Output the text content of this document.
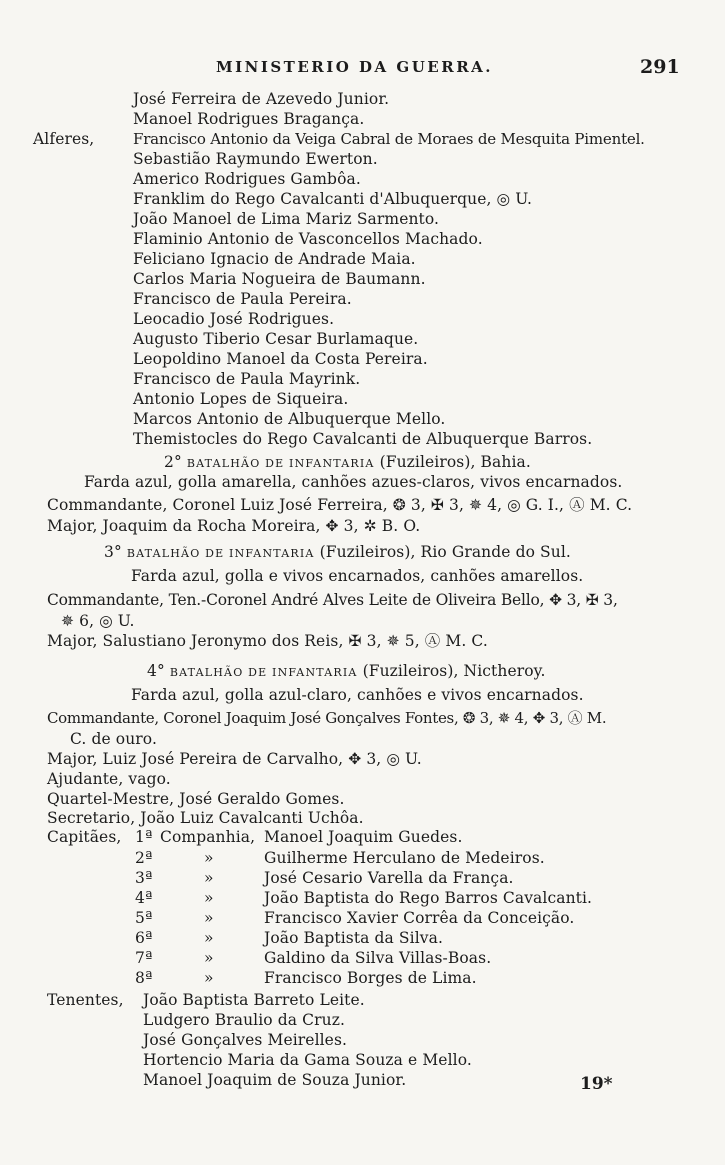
MINISTERIO DA GUERRA.	291
José Ferreira de Azevedo Junior.
Manoel Rodrigues Bragança.
Alferes,	Francisco Antonio da Veiga Cabral de Moraes de Mesquita Pimentel.
Sebastião Raymundo Ewerton.
Americo Rodrigues Gambôa.
Franklim do Rego Cavalcanti d'Albuquerque, ◎ U.
João Manoel de Lima Mariz Sarmento.
Flaminio Antonio de Vasconcellos Machado.
Feliciano Ignacio de Andrade Maia.
Carlos Maria Nogueira de Baumann.
Francisco de Paula Pereira.
Leocadio José Rodrigues.
Augusto Tiberio Cesar Burlamaque.
Leopoldino Manoel da Costa Pereira.
Francisco de Paula Mayrink.
Antonio Lopes de Siqueira.
Marcos Antonio de Albuquerque Mello.
Themistocles do Rego Cavalcanti de Albuquerque Barros.
2° BATALHÃO DE INFANTARIA (Fuzileiros), Bahia.
Farda azul, golla amarella, canhões azues-claros, vivos encarnados.
Commandante, Coronel Luiz José Ferreira, ❂ 3, ✠ 3, ✵ 4, ◎ G. I., Ⓐ M. C.
Major, Joaquim da Rocha Moreira, ✥ 3, ✲ B. O.
3° BATALHÃO DE INFANTARIA (Fuzileiros), Rio Grande do Sul.
Farda azul, golla e vivos encarnados, canhões amarellos.
Commandante, Ten.-Coronel André Alves Leite de Oliveira Bello, ✥ 3, ✠ 3,
✵ 6, ◎ U.
Major, Salustiano Jeronymo dos Reis, ✠ 3, ✵ 5, Ⓐ M. C.
4° BATALHÃO DE INFANTARIA (Fuzileiros), Nictheroy.
Farda azul, golla azul-claro, canhões e vivos encarnados.
Commandante, Coronel Joaquim José Gonçalves Fontes, ❂ 3, ✵ 4, ✥ 3, Ⓐ M.
C. de ouro.
Major, Luiz José Pereira de Carvalho, ✥ 3, ◎ U.
Ajudante, vago.
Quartel-Mestre, José Geraldo Gomes.
Secretario, João Luiz Cavalcanti Uchôa.
Capitães, 1ª Companhia, Manoel Joaquim Guedes.
2ª	»	Guilherme Herculano de Medeiros.
3ª	»	José Cesario Varella da França.
4ª	»	João Baptista do Rego Barros Cavalcanti.
5ª	»	Francisco Xavier Corrêa da Conceição.
6ª	»	João Baptista da Silva.
7ª	»	Galdino da Silva Villas-Boas.
8ª	»	Francisco Borges de Lima.
Tenentes, João Baptista Barreto Leite.
Ludgero Braulio da Cruz.
José Gonçalves Meirelles.
Hortencio Maria da Gama Souza e Mello.
Manoel Joaquim de Souza Junior.	19*
